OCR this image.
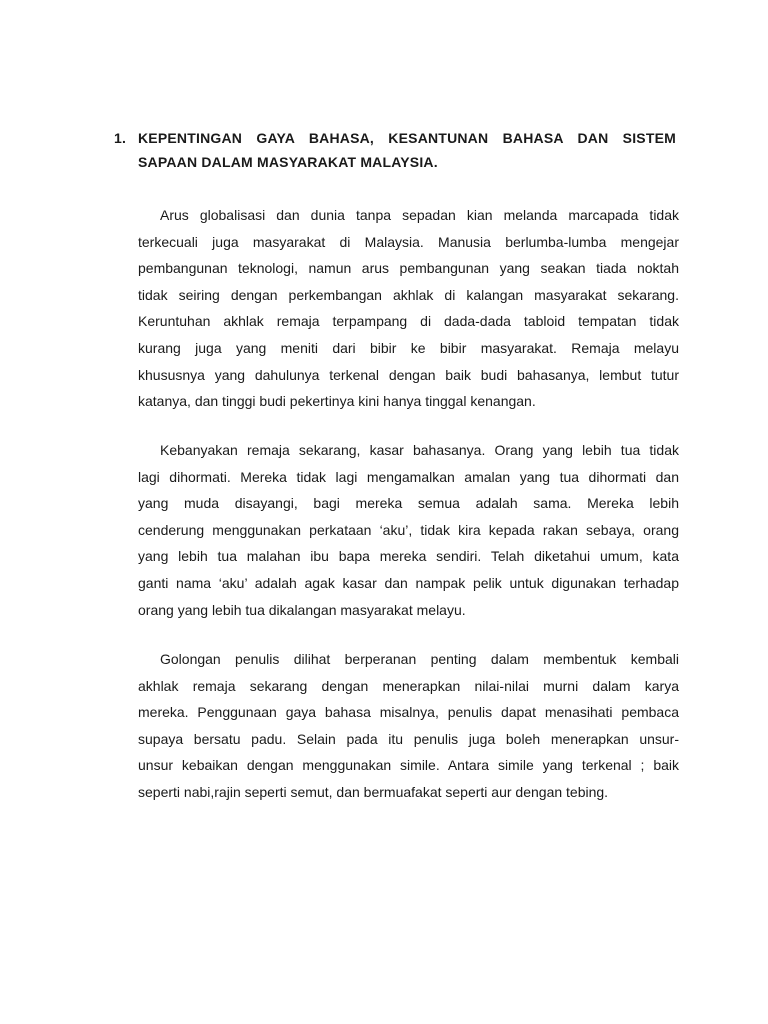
1. KEPENTINGAN GAYA BAHASA, KESANTUNAN BAHASA DAN SISTEM
SAPAAN DALAM MASYARAKAT MALAYSIA.
Arus globalisasi dan dunia tanpa sepadan kian melanda marcapada tidak
terkecuali juga masyarakat di Malaysia. Manusia berlumba-lumba mengejar
pembangunan teknologi, namun arus pembangunan yang seakan tiada noktah
tidak seiring dengan perkembangan akhlak di kalangan masyarakat sekarang.
Keruntuhan akhlak remaja terpampang di dada-dada tabloid tempatan tidak
kurang juga yang meniti dari bibir ke bibir masyarakat. Remaja melayu
khususnya yang dahulunya terkenal dengan baik budi bahasanya, lembut tutur
katanya, dan tinggi budi pekertinya kini hanya tinggal kenangan.
Kebanyakan remaja sekarang, kasar bahasanya. Orang yang lebih tua tidak
lagi dihormati. Mereka tidak lagi mengamalkan amalan yang tua dihormati dan
yang muda disayangi, bagi mereka semua adalah sama. Mereka lebih
cenderung menggunakan perkataan ‘aku’, tidak kira kepada rakan sebaya, orang
yang lebih tua malahan ibu bapa mereka sendiri. Telah diketahui umum, kata
ganti nama ‘aku’ adalah agak kasar dan nampak pelik untuk digunakan terhadap
orang yang lebih tua dikalangan masyarakat melayu.
Golongan penulis dilihat berperanan penting dalam membentuk kembali
akhlak remaja sekarang dengan menerapkan nilai-nilai murni dalam karya
mereka. Penggunaan gaya bahasa misalnya, penulis dapat menasihati pembaca
supaya bersatu padu. Selain pada itu penulis juga boleh menerapkan unsur-
unsur kebaikan dengan menggunakan simile. Antara simile yang terkenal ; baik
seperti nabi,rajin seperti semut, dan bermuafakat seperti aur dengan tebing.
